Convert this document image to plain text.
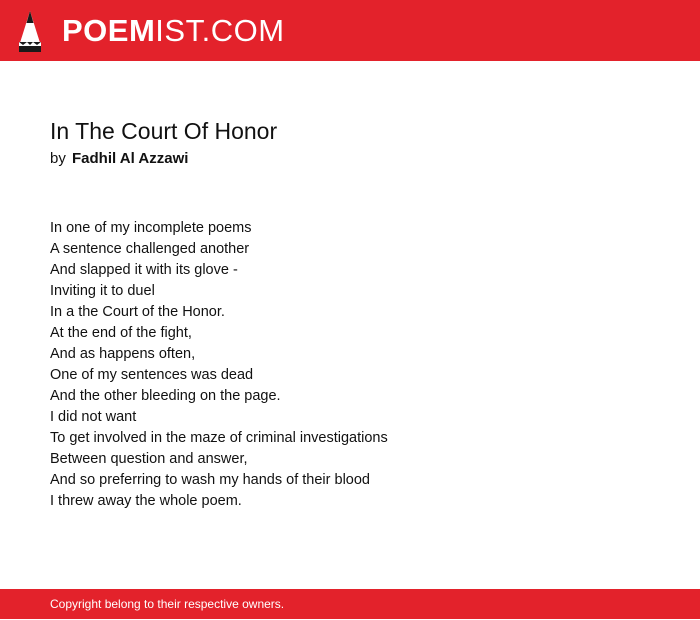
POEMIST.COM
In The Court Of Honor
by Fadhil Al Azzawi
In one of my incomplete poems
A sentence challenged another
And slapped it with its glove -
Inviting it to duel
In a the Court of the Honor.
At the end of the fight,
And as happens often,
One of my sentences was dead
And the other bleeding on the page.
I did not want
To get involved in the maze of criminal investigations
Between question and answer,
And so preferring to wash my hands of their blood
I threw away the whole poem.
Copyright belong to their respective owners.
